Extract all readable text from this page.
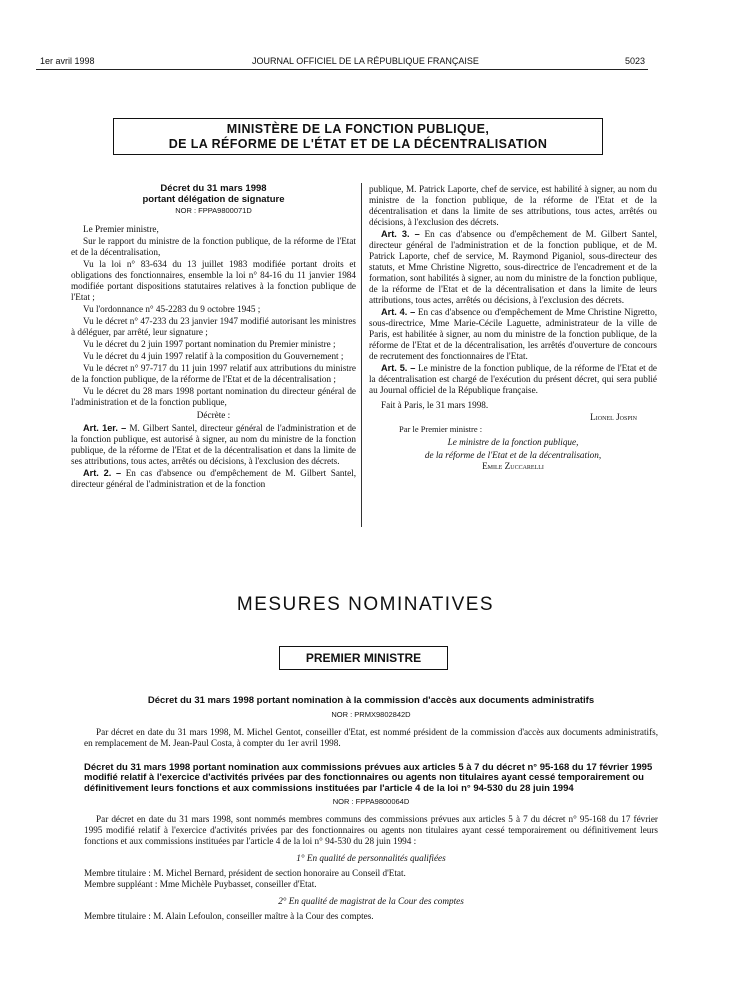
1er avril 1998	JOURNAL OFFICIEL DE LA RÉPUBLIQUE FRANÇAISE	5023
MINISTÈRE DE LA FONCTION PUBLIQUE,
DE LA RÉFORME DE L'ÉTAT ET DE LA DÉCENTRALISATION
Décret du 31 mars 1998
portant délégation de signature
NOR : FPPA9800071D

Le Premier ministre,

Sur le rapport du ministre de la fonction publique, de la réforme de l'Etat et de la décentralisation,

Vu la loi n° 83-634 du 13 juillet 1983 modifiée portant droits et obligations des fonctionnaires, ensemble la loi n° 84-16 du 11 janvier 1984 modifiée portant dispositions statutaires relatives à la fonction publique de l'Etat ;

Vu l'ordonnance n° 45-2283 du 9 octobre 1945 ;

Vu le décret n° 47-233 du 23 janvier 1947 modifié autorisant les ministres à déléguer, par arrêté, leur signature ;

Vu le décret du 2 juin 1997 portant nomination du Premier ministre ;

Vu le décret du 4 juin 1997 relatif à la composition du Gouvernement ;

Vu le décret n° 97-717 du 11 juin 1997 relatif aux attributions du ministre de la fonction publique, de la réforme de l'Etat et de la décentralisation ;

Vu le décret du 28 mars 1998 portant nomination du directeur général de l'administration et de la fonction publique,

Décrète :

Art. 1er. – M. Gilbert Santel, directeur général de l'administration et de la fonction publique, est autorisé à signer, au nom du ministre de la fonction publique, de la réforme de l'Etat et de la décentralisation et dans la limite de ses attributions, tous actes, arrêtés ou décisions, à l'exclusion des décrets.

Art. 2. – En cas d'absence ou d'empêchement de M. Gilbert Santel, directeur général de l'administration et de la fonction

publique, M. Patrick Laporte, chef de service, est habilité à signer, au nom du ministre de la fonction publique, de la réforme de l'Etat et de la décentralisation et dans la limite de ses attributions, tous actes, arrêtés ou décisions, à l'exclusion des décrets.

Art. 3. – En cas d'absence ou d'empêchement de M. Gilbert Santel, directeur général de l'administration et de la fonction publique, et de M. Patrick Laporte, chef de service, M. Raymond Piganiol, sous-directeur des statuts, et Mme Christine Nigretto, sous-directrice de l'encadrement et de la formation, sont habilités à signer, au nom du ministre de la fonction publique, de la réforme de l'Etat et de la décentralisation et dans la limite de leurs attributions, tous actes, arrêtés ou décisions, à l'exclusion des décrets.

Art. 4. – En cas d'absence ou d'empêchement de Mme Christine Nigretto, sous-directrice, Mme Marie-Cécile Laguette, administrateur de la ville de Paris, est habilitée à signer, au nom du ministre de la fonction publique, de la réforme de l'Etat et de la décentralisation, les arrêtés d'ouverture de concours de recrutement des fonctionnaires de l'Etat.

Art. 5. – Le ministre de la fonction publique, de la réforme de l'Etat et de la décentralisation est chargé de l'exécution du présent décret, qui sera publié au Journal officiel de la République française.

Fait à Paris, le 31 mars 1998.

Lionel Jospin

Par le Premier ministre :

Le ministre de la fonction publique,

de la réforme de l'Etat et de la décentralisation,

Emile Zuccarelli

MESURES NOMINATIVES
PREMIER MINISTRE

Décret du 31 mars 1998 portant nomination à la commission d'accès aux documents administratifs

NOR : PRMX9802842D

Par décret en date du 31 mars 1998, M. Michel Gentot, conseiller d'Etat, est nommé président de la commission d'accès aux documents administratifs, en remplacement de M. Jean-Paul Costa, à compter du 1er avril 1998.

Décret du 31 mars 1998 portant nomination aux commissions prévues aux articles 5 à 7 du décret n° 95-168 du 17 février 1995 modifié relatif à l'exercice d'activités privées par des fonctionnaires ou agents non titulaires ayant cessé temporairement ou définitivement leurs fonctions et aux commissions instituées par l'article 4 de la loi n° 94-530 du 28 juin 1994

NOR : FPPA9800064D

Par décret en date du 31 mars 1998, sont nommés membres communs des commissions prévues aux articles 5 à 7 du décret n° 95-168 du 17 février 1995 modifié relatif à l'exercice d'activités privées par des fonctionnaires ou agents non titulaires ayant cessé temporairement ou définitivement leurs fonctions et aux commissions instituées par l'article 4 de la loi n° 94-530 du 28 juin 1994 :

1° En qualité de personnalités qualifiées

Membre titulaire : M. Michel Bernard, président de section honoraire au Conseil d'Etat.

Membre suppléant : Mme Michèle Puybasset, conseiller d'Etat.

2° En qualité de magistrat de la Cour des comptes

Membre titulaire : M. Alain Lefoulon, conseiller maître à la Cour des comptes.
